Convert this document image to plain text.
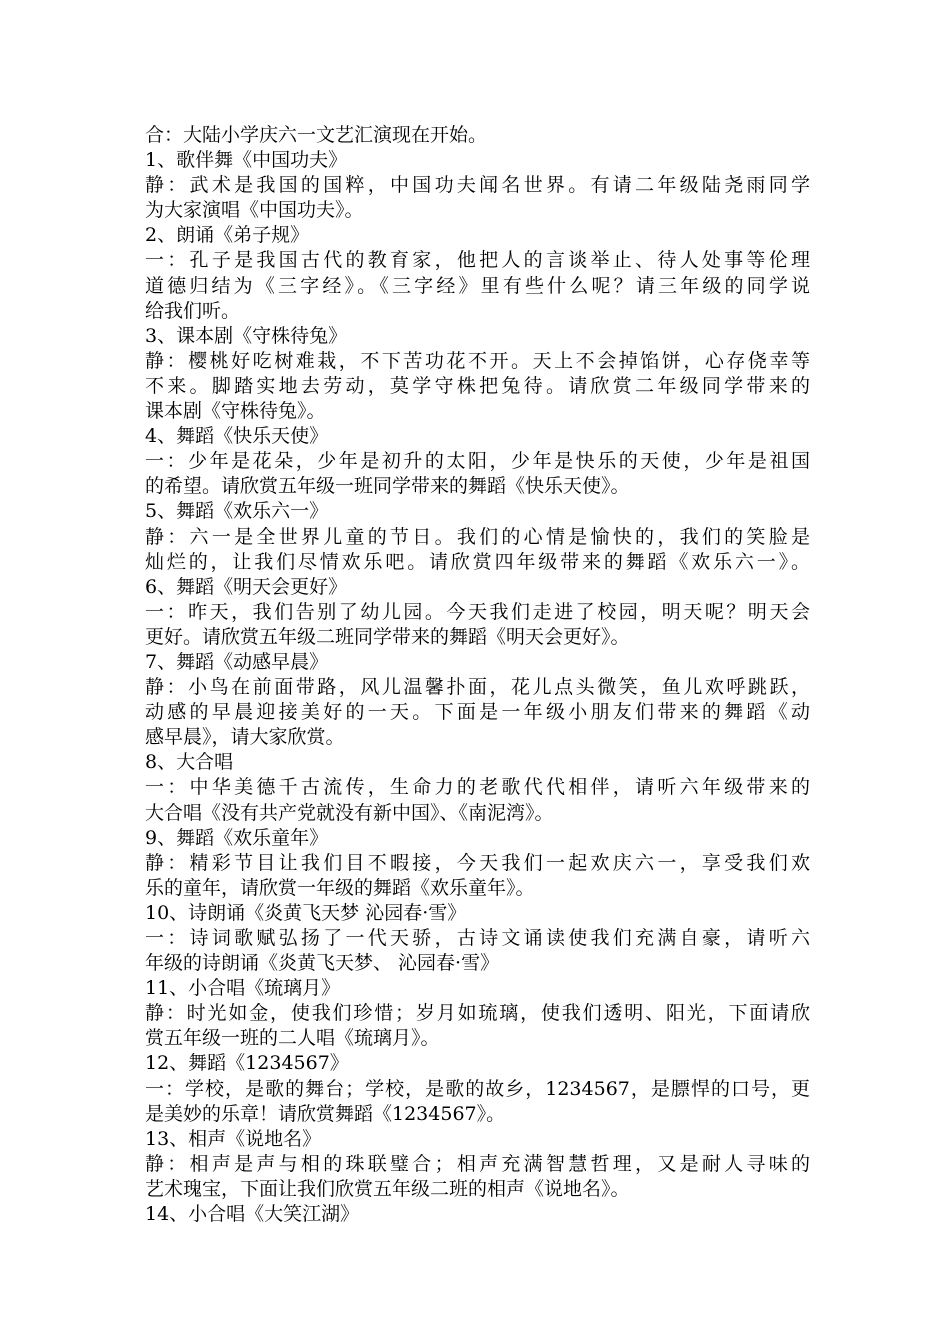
合：大陆小学庆六一文艺汇演现在开始。
1、歌伴舞《中国功夫》
静：武术是我国的国粹，中国功夫闻名世界。有请二年级陆尧雨同学
为大家演唱《中国功夫》。
2、朗诵《弟子规》
一：孔子是我国古代的教育家，他把人的言谈举止、待人处事等伦理
道德归结为《三字经》。《三字经》里有些什么呢？请三年级的同学说
给我们听。
3、课本剧《守株待兔》
静：樱桃好吃树难栽，不下苦功花不开。天上不会掉馅饼，心存侥幸等
不来。脚踏实地去劳动，莫学守株把兔待。请欣赏二年级同学带来的
课本剧《守株待兔》。
4、舞蹈《快乐天使》
一：少年是花朵，少年是初升的太阳，少年是快乐的天使，少年是祖国
的希望。请欣赏五年级一班同学带来的舞蹈《快乐天使》。
5、舞蹈《欢乐六一》
静：六一是全世界儿童的节日。我们的心情是愉快的，我们的笑脸是
灿烂的，让我们尽情欢乐吧。请欣赏四年级带来的舞蹈《欢乐六一》。
6、舞蹈《明天会更好》
一：昨天，我们告别了幼儿园。今天我们走进了校园，明天呢？明天会
更好。请欣赏五年级二班同学带来的舞蹈《明天会更好》。
7、舞蹈《动感早晨》
静：小鸟在前面带路，风儿温馨扑面，花儿点头微笑，鱼儿欢呼跳跃，
动感的早晨迎接美好的一天。下面是一年级小朋友们带来的舞蹈《动
感早晨》，请大家欣赏。
8、大合唱
一：中华美德千古流传，生命力的老歌代代相伴，请听六年级带来的
大合唱《没有共产党就没有新中国》、《南泥湾》。
9、舞蹈《欢乐童年》
静：精彩节目让我们目不暇接，今天我们一起欢庆六一，享受我们欢
乐的童年，请欣赏一年级的舞蹈《欢乐童年》。
10、诗朗诵《炎黄飞天梦 沁园春·雪》
一：诗词歌赋弘扬了一代天骄，古诗文诵读使我们充满自豪，请听六
年级的诗朗诵《炎黄飞天梦、 沁园春·雪》
11、小合唱《琉璃月》
静：时光如金，使我们珍惜；岁月如琉璃，使我们透明、阳光，下面请欣
赏五年级一班的二人唱《琉璃月》。
12、舞蹈《1234567》
一：学校，是歌的舞台；学校，是歌的故乡，1234567，是膘悍的口号，更
是美妙的乐章！请欣赏舞蹈《1234567》。
13、相声《说地名》
静：相声是声与相的珠联璧合；相声充满智慧哲理，又是耐人寻味的
艺术瑰宝，下面让我们欣赏五年级二班的相声《说地名》。
14、小合唱《大笑江湖》
